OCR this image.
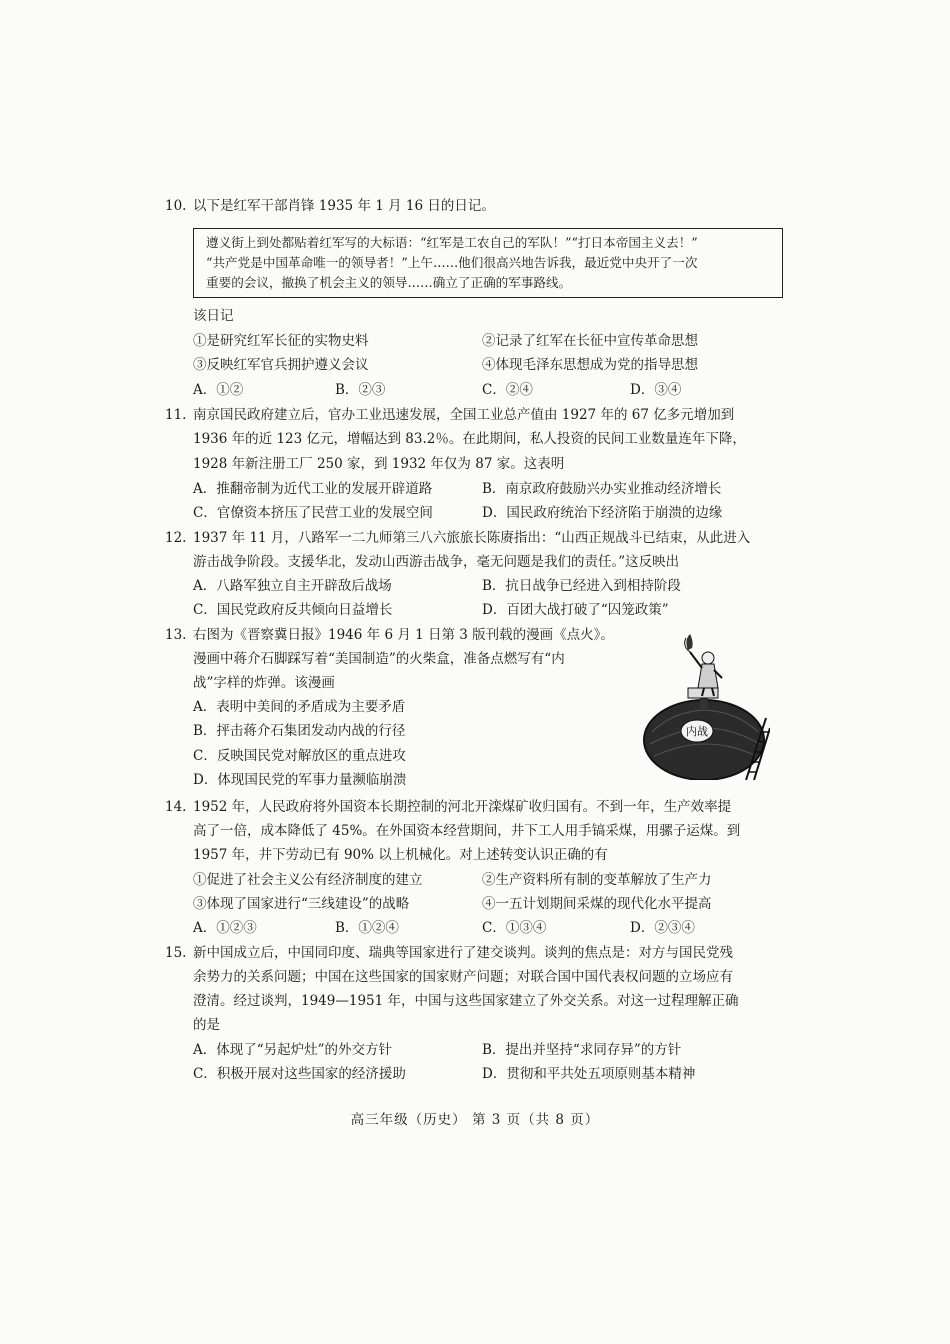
10. 以下是红军干部肖锋 1935 年 1 月 16 日的日记。
遵义街上到处都贴着红军写的大标语：“红军是工农自己的军队！”“打日本帝国主义去！”
“共产党是中国革命唯一的领导者！”上午……他们很高兴地告诉我，最近党中央开了一次
重要的会议，撤换了机会主义的领导……确立了正确的军事路线。
该日记
①是研究红军长征的实物史料	②记录了红军在长征中宣传革命思想
③反映红军官兵拥护遵义会议	④体现毛泽东思想成为党的指导思想
A．①②	B．②③	C．②④	D．③④
11. 南京国民政府建立后，官办工业迅速发展，全国工业总产值由 1927 年的 67 亿多元增加到
1936 年的近 123 亿元，增幅达到 83.2％。在此期间，私人投资的民间工业数量连年下降，
1928 年新注册工厂 250 家，到 1932 年仅为 87 家。这表明
A．推翻帝制为近代工业的发展开辟道路	B．南京政府鼓励兴办实业推动经济增长
C．官僚资本挤压了民营工业的发展空间	D．国民政府统治下经济陷于崩溃的边缘
12. 1937 年 11 月，八路军一二九师第三八六旅旅长陈赓指出：“山西正规战斗已结束，从此进入
游击战争阶段。支援华北，发动山西游击战争，毫无问题是我们的责任。”这反映出
A．八路军独立自主开辟敌后战场	B．抗日战争已经进入到相持阶段
C．国民党政府反共倾向日益增长	D．百团大战打破了“囚笼政策”
13. 右图为《晋察冀日报》1946 年 6 月 1 日第 3 版刊载的漫画《点火》。
漫画中蒋介石脚踩写着“美国制造”的火柴盒，准备点燃写有“内
战”字样的炸弹。该漫画
A．表明中美间的矛盾成为主要矛盾
B．抨击蒋介石集团发动内战的行径
C．反映国民党对解放区的重点进攻
D．体现国民党的军事力量濒临崩溃
内战
14. 1952 年，人民政府将外国资本长期控制的河北开滦煤矿收归国有。不到一年，生产效率提
高了一倍，成本降低了 45%。在外国资本经营期间，井下工人用手镐采煤，用骡子运煤。到
1957 年，井下劳动已有 90% 以上机械化。对上述转变认识正确的有
①促进了社会主义公有经济制度的建立	②生产资料所有制的变革解放了生产力
③体现了国家进行“三线建设”的战略	④一五计划期间采煤的现代化水平提高
A．①②③	B．①②④	C．①③④	D．②③④
15. 新中国成立后，中国同印度、瑞典等国家进行了建交谈判。谈判的焦点是：对方与国民党残
余势力的关系问题；中国在这些国家的国家财产问题；对联合国中国代表权问题的立场应有
澄清。经过谈判，1949—1951 年，中国与这些国家建立了外交关系。对这一过程理解正确
的是
A．体现了“另起炉灶”的外交方针	B．提出并坚持“求同存异”的方针
C．积极开展对这些国家的经济援助	D．贯彻和平共处五项原则基本精神
高三年级（历史） 第 3 页（共 8 页）
